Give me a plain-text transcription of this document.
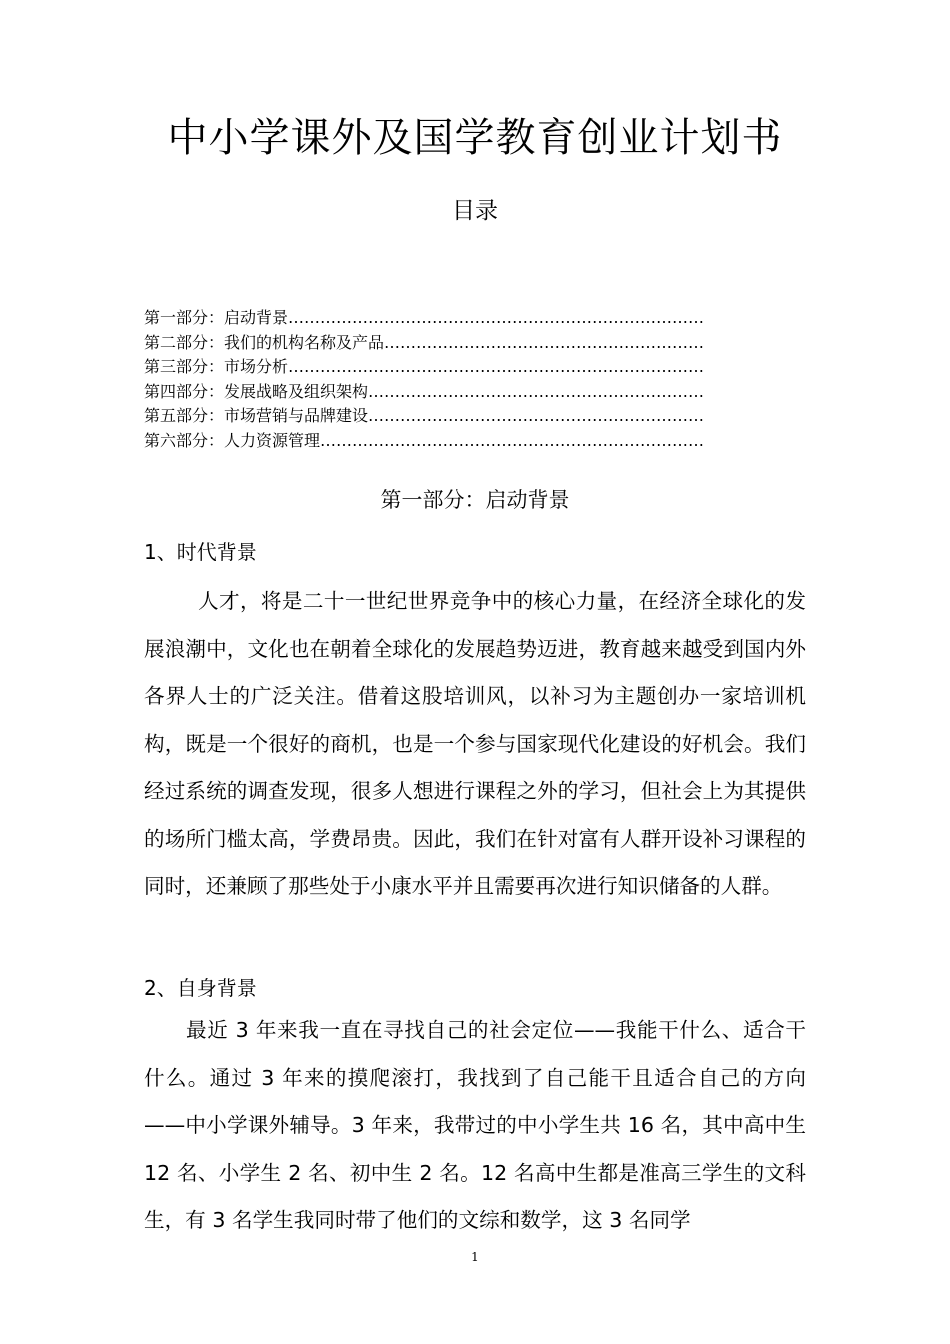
中小学课外及国学教育创业计划书
目录
第一部分：启动背景……………………………………………………………………
第二部分：我们的机构名称及产品……………………………………………………
第三部分：市场分析……………………………………………………………………
第四部分：发展战略及组织架构………………………………………………………
第五部分：市场营销与品牌建设………………………………………………………
第六部分：人力资源管理………………………………………………………………
第一部分：启动背景
1、时代背景
人才，将是二十一世纪世界竞争中的核心力量，在经济全球化的发展浪潮中，文化也在朝着全球化的发展趋势迈进，教育越来越受到国内外各界人士的广泛关注。借着这股培训风，以补习为主题创办一家培训机构，既是一个很好的商机，也是一个参与国家现代化建设的好机会。我们经过系统的调查发现，很多人想进行课程之外的学习，但社会上为其提供的场所门槛太高，学费昂贵。因此，我们在针对富有人群开设补习课程的同时，还兼顾了那些处于小康水平并且需要再次进行知识储备的人群。
2、自身背景
最近 3 年来我一直在寻找自己的社会定位——我能干什么、适合干什么。通过 3 年来的摸爬滚打，我找到了自己能干且适合自己的方向——中小学课外辅导。3 年来，我带过的中小学生共 16 名，其中高中生 12 名、小学生 2 名、初中生 2 名。12 名高中生都是准高三学生的文科生，有 3 名学生我同时带了他们的文综和数学，这 3 名同学
1
